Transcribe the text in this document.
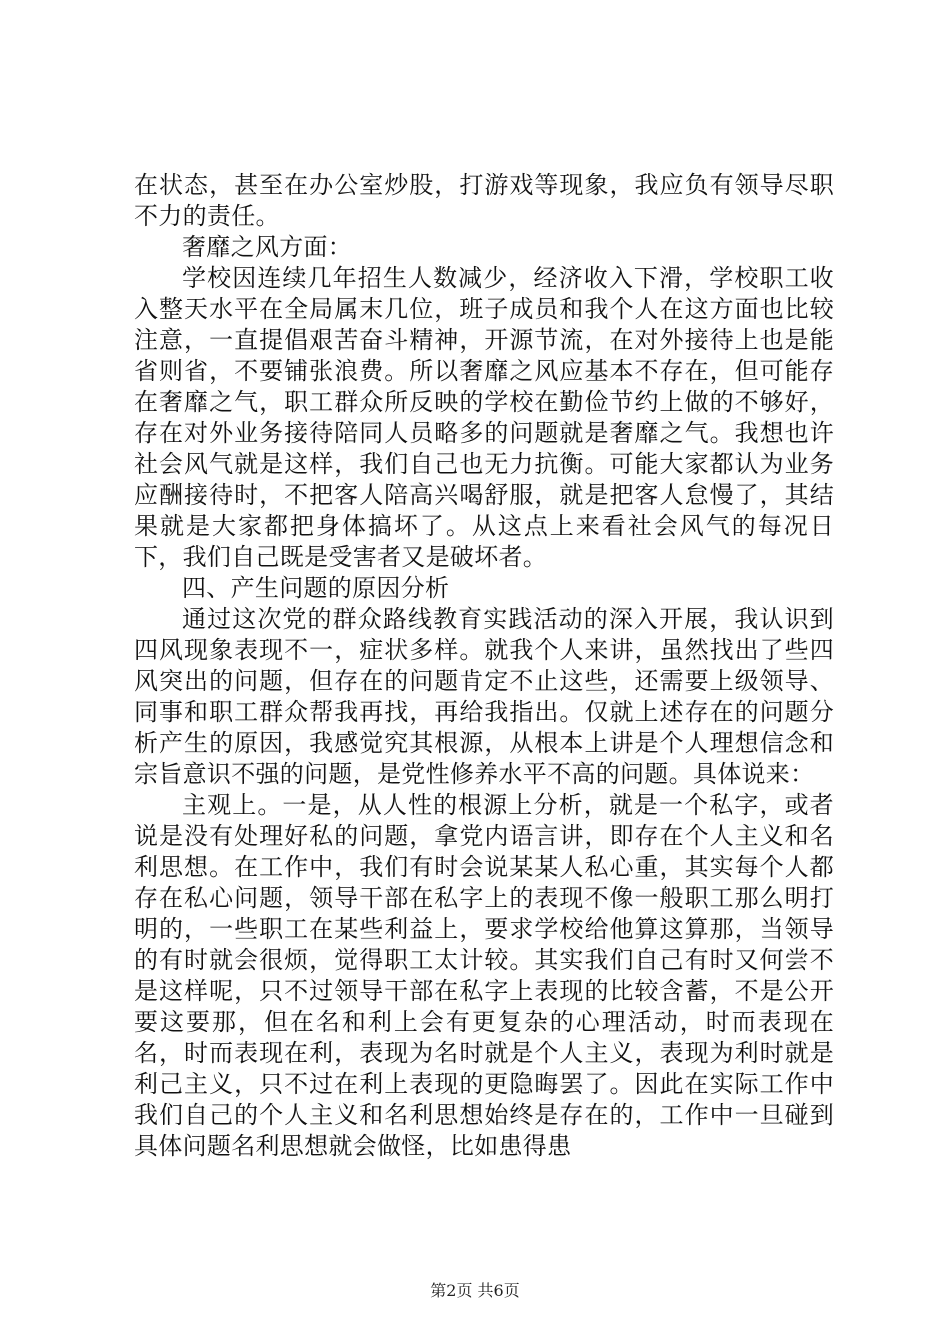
在状态，甚至在办公室炒股，打游戏等现象，我应负有领导尽职不力的责任。

奢靡之风方面：

学校因连续几年招生人数减少，经济收入下滑，学校职工收入整天水平在全局属末几位，班子成员和我个人在这方面也比较注意，一直提倡艰苦奋斗精神，开源节流，在对外接待上也是能省则省，不要铺张浪费。所以奢靡之风应基本不存在，但可能存在奢靡之气，职工群众所反映的学校在勤俭节约上做的不够好，存在对外业务接待陪同人员略多的问题就是奢靡之气。我想也许社会风气就是这样，我们自己也无力抗衡。可能大家都认为业务应酬接待时，不把客人陪高兴喝舒服，就是把客人怠慢了，其结果就是大家都把身体搞坏了。从这点上来看社会风气的每况日下，我们自己既是受害者又是破坏者。

四、产生问题的原因分析

通过这次党的群众路线教育实践活动的深入开展，我认识到四风现象表现不一，症状多样。就我个人来讲，虽然找出了些四风突出的问题，但存在的问题肯定不止这些，还需要上级领导、同事和职工群众帮我再找，再给我指出。仅就上述存在的问题分析产生的原因，我感觉究其根源，从根本上讲是个人理想信念和宗旨意识不强的问题，是党性修养水平不高的问题。具体说来：

主观上。一是，从人性的根源上分析，就是一个私字，或者说是没有处理好私的问题，拿党内语言讲，即存在个人主义和名利思想。在工作中，我们有时会说某某人私心重，其实每个人都存在私心问题，领导干部在私字上的表现不像一般职工那么明打明的，一些职工在某些利益上，要求学校给他算这算那，当领导的有时就会很烦，觉得职工太计较。其实我们自己有时又何尝不是这样呢，只不过领导干部在私字上表现的比较含蓄，不是公开要这要那，但在名和利上会有更复杂的心理活动，时而表现在名，时而表现在利，表现为名时就是个人主义，表现为利时就是利己主义，只不过在利上表现的更隐晦罢了。因此在实际工作中我们自己的个人主义和名利思想始终是存在的，工作中一旦碰到具体问题名利思想就会做怪，比如患得患

第2页 共6页
